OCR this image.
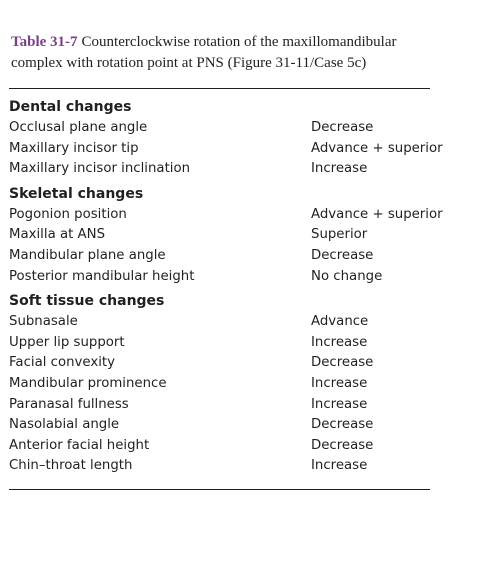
Table 31-7 Counterclockwise rotation of the maxillomandibular complex with rotation point at PNS (Figure 31-11/Case 5c)
Dental changes
Occlusal plane angle	Decrease
Maxillary incisor tip	Advance + superior
Maxillary incisor inclination	Increase
Skeletal changes
Pogonion position	Advance + superior
Maxilla at ANS	Superior
Mandibular plane angle	Decrease
Posterior mandibular height	No change
Soft tissue changes
Subnasale	Advance
Upper lip support	Increase
Facial convexity	Decrease
Mandibular prominence	Increase
Paranasal fullness	Increase
Nasolabial angle	Decrease
Anterior facial height	Decrease
Chin–throat length	Increase
